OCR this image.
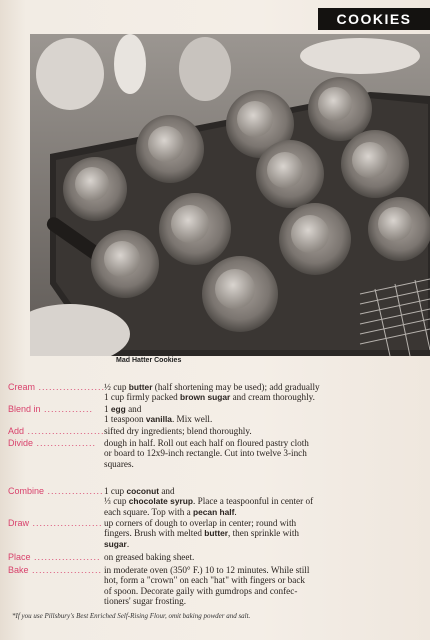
COOKIES
Mad Hatter Cookies
Cream ...................
½ cup butter (half shortening may be used); add gradually
1 cup firmly packed brown sugar and cream thoroughly.
Blend in .............. 1 egg and
1 teaspoon vanilla. Mix well.
Add ...................... sifted dry ingredients; blend thoroughly.
Divide ................. dough in half. Roll out each half on floured pastry cloth
or board to 12x9-inch rectangle. Cut into twelve 3-inch
squares.
Combine ................ 1 cup coconut and
⅓ cup chocolate syrup. Place a teaspoonful in center of
each square. Top with a pecan half.
Draw .................... up corners of dough to overlap in center; round with
fingers. Brush with melted butter, then sprinkle with
sugar.
Place ................... on greased baking sheet.
Bake .................... in moderate oven (350° F.) 10 to 12 minutes. While still
hot, form a "crown" on each "hat" with fingers or back
of spoon. Decorate gaily with gumdrops and confec-
tioners' sugar frosting.
*If you use Pillsbury's Best Enriched Self-Rising Flour, omit baking powder and salt.
